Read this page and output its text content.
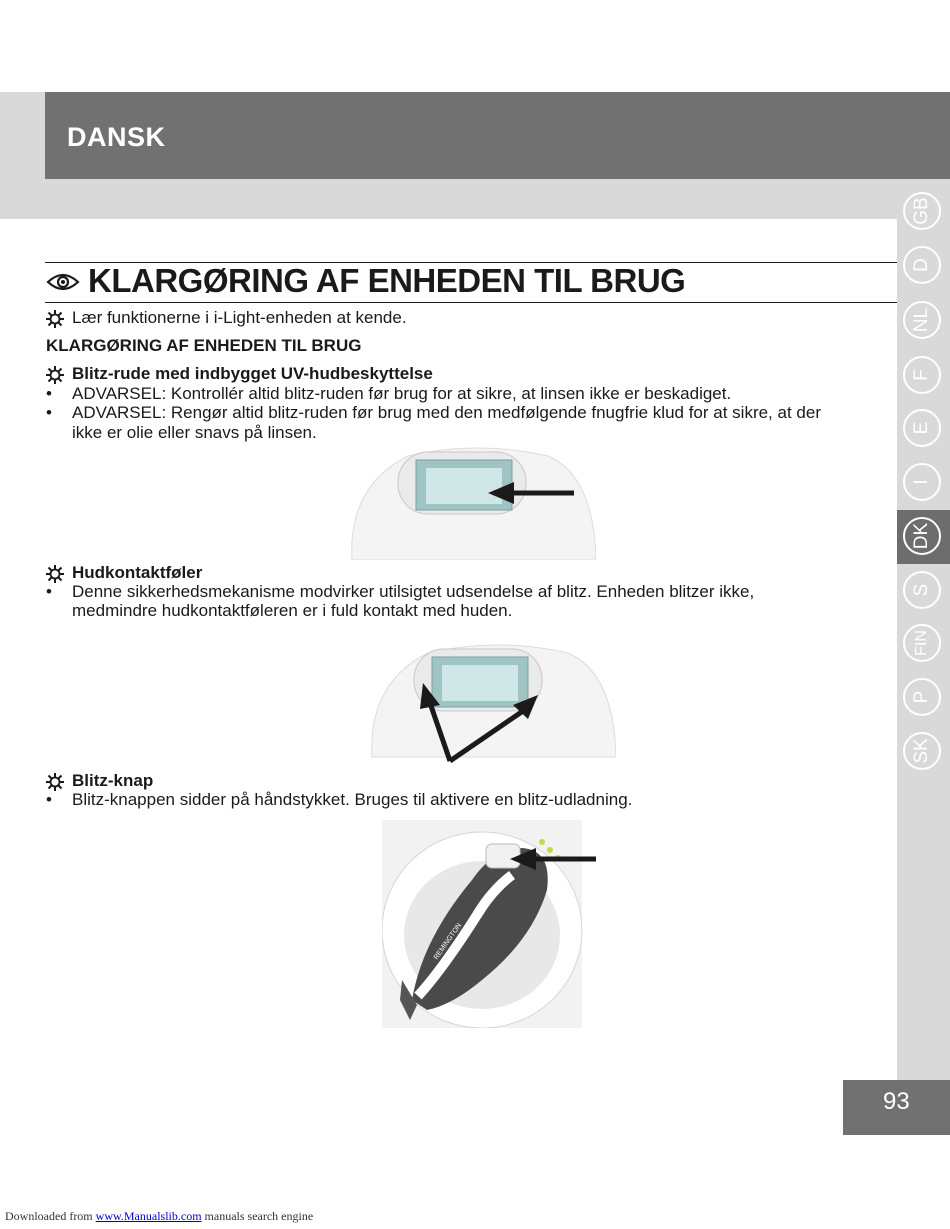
DANSK
GB
D
NL
F
E
I
DK
S
FIN
P
SK
KLARGØRING AF ENHEDEN TIL BRUG
Lær funktionerne i i-Light-enheden at kende.
KLARGØRING AF ENHEDEN TIL BRUG
Blitz-rude med indbygget UV-hudbeskyttelse
• ADVARSEL: Kontrollér altid blitz-ruden før brug for at sikre, at linsen ikke er beskadiget.
• ADVARSEL: Rengør altid blitz-ruden før brug med den medfølgende fnugfrie klud for at sikre, at der
ikke er olie eller snavs på linsen.
Hudkontaktføler
• Denne sikkerhedsmekanisme modvirker utilsigtet udsendelse af blitz. Enheden blitzer ikke,
medmindre hudkontaktføleren er i fuld kontakt med huden.
Blitz-knap
• Blitz-knappen sidder på håndstykket. Bruges til aktivere en blitz-udladning.
REMINGTON
93
Downloaded from www.Manualslib.com manuals search engine
